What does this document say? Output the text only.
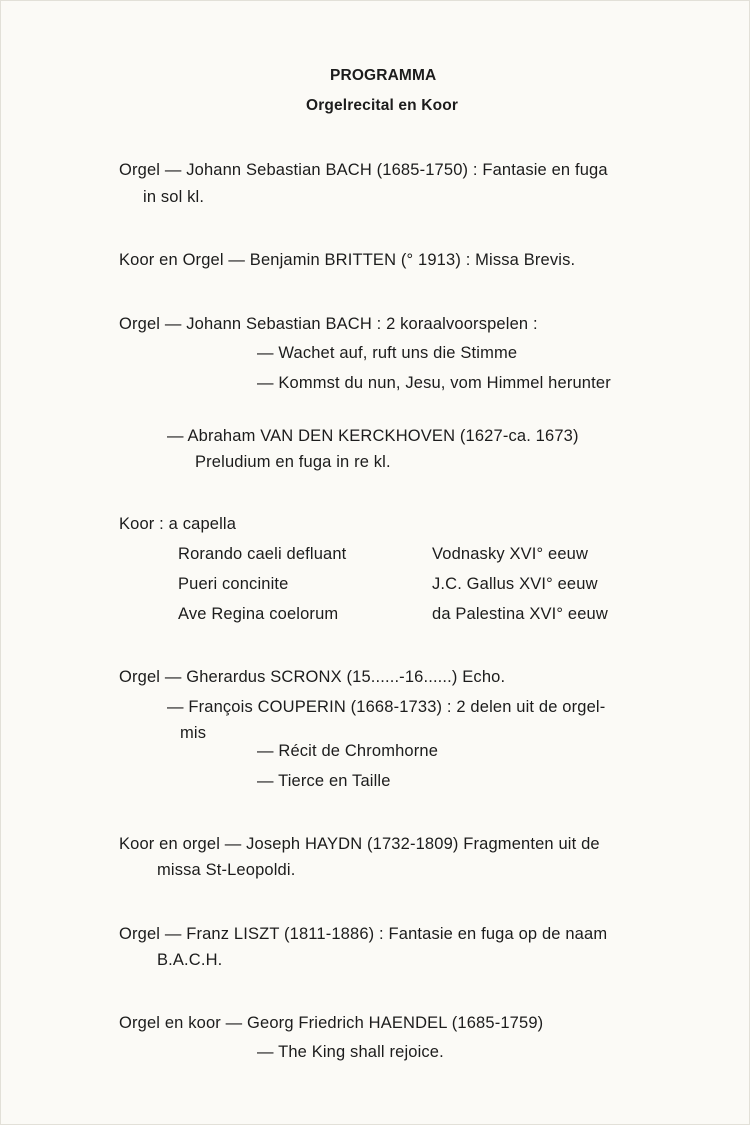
PROGRAMMA
Orgelrecital en Koor
Orgel — Johann Sebastian BACH (1685-1750) : Fantasie en fuga
in sol kl.
Koor en Orgel — Benjamin BRITTEN (° 1913) : Missa Brevis.
Orgel — Johann Sebastian BACH : 2 koraalvoorspelen :
— Wachet auf, ruft uns die Stimme
— Kommst du nun, Jesu, vom Himmel herunter
— Abraham VAN DEN KERCKHOVEN (1627-ca. 1673)
Preludium en fuga in re kl.
Koor : a capella
Rorando caeli defluant	Vodnasky XVI° eeuw
Pueri concinite	J.C. Gallus XVI° eeuw
Ave Regina coelorum	da Palestina XVI° eeuw
Orgel — Gherardus SCRONX (15......-16......) Echo.
— François COUPERIN (1668-1733) : 2 delen uit de orgel-
mis
— Récit de Chromhorne
— Tierce en Taille
Koor en orgel — Joseph HAYDN (1732-1809) Fragmenten uit de
missa St-Leopoldi.
Orgel — Franz LISZT (1811-1886) : Fantasie en fuga op de naam
B.A.C.H.
Orgel en koor — Georg Friedrich HAENDEL (1685-1759)
— The King shall rejoice.
